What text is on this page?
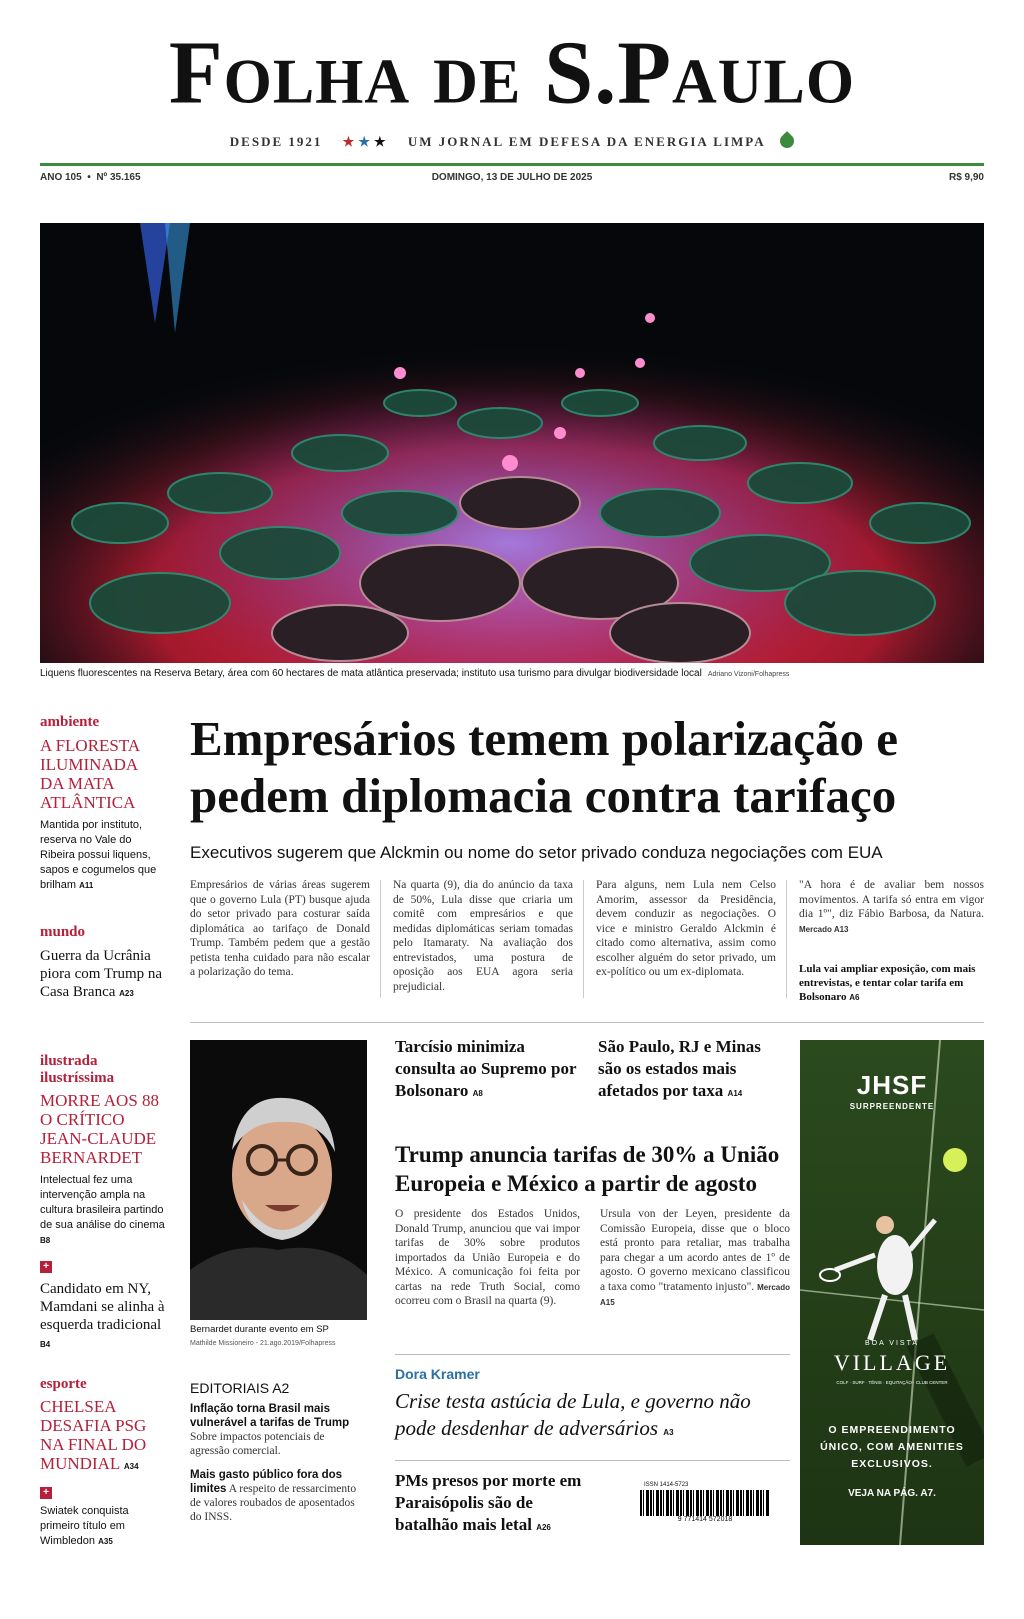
Folha de S.Paulo
DESDE 1921 ★ ★ ★ UM JORNAL EM DEFESA DA ENERGIA LIMPA
ANO 105  •  Nº 35.165	DOMINGO, 13 DE JULHO DE 2025	R$ 9,90
Liquens fluorescentes na Reserva Betary, área com 60 hectares de mata atlântica preservada; instituto usa turismo para divulgar biodiversidade local Adriano Vizoni/Folhapress
ambiente
A FLORESTA ILUMINADA DA MATA ATLÂNTICA
Mantida por instituto, reserva no Vale do Ribeira possui liquens, sapos e cogumelos que brilham A11
mundo
Guerra da Ucrânia piora com Trump na Casa Branca A23
ilustrada ilustríssima
MORRE AOS 88 O CRÍTICO JEAN-CLAUDE BERNARDET
Intelectual fez uma intervenção ampla na cultura brasileira partindo de sua análise do cinema B8
+
Candidato em NY, Mamdani se alinha à esquerda tradicional B4
esporte
CHELSEA DESAFIA PSG NA FINAL DO MUNDIAL A34
+
Swiatek conquista primeiro título em Wimbledon A35
Empresários temem polarização e pedem diplomacia contra tarifaço
Executivos sugerem que Alckmin ou nome do setor privado conduza negociações com EUA
Empresários de várias áreas sugerem que o governo Lula (PT) busque ajuda do setor privado para costurar saída diplomática ao tarifaço de Donald Trump. Também pedem que a gestão petista tenha cuidado para não escalar a polarização do tema.
Na quarta (9), dia do anúncio da taxa de 50%, Lula disse que criaria um comitê com empresários e que medidas diplomáticas seriam tomadas pelo Itamaraty. Na avaliação dos entrevistados, uma postura de oposição aos EUA agora seria prejudicial.
Para alguns, nem Lula nem Celso Amorim, assessor da Presidência, devem conduzir as negociações. O vice e ministro Geraldo Alckmin é citado como alternativa, assim como escolher alguém do setor privado, um ex-político ou um ex-diplomata.
"A hora é de avaliar bem nossos movimentos. A tarifa só entra em vigor dia 1º", diz Fábio Barbosa, da Natura. Mercado A13
Lula vai ampliar exposição, com mais entrevistas, e tentar colar tarifa em Bolsonaro A6
Bernardet durante evento em SP
Mathilde Missioneiro - 21.ago.2019/Folhapress
Tarcísio minimiza consulta ao Supremo por Bolsonaro A8
São Paulo, RJ e Minas são os estados mais afetados por taxa A14
Trump anuncia tarifas de 30% a União Europeia e México a partir de agosto
O presidente dos Estados Unidos, Donald Trump, anunciou que vai impor tarifas de 30% sobre produtos importados da União Europeia e do México. A comunicação foi feita por cartas na rede Truth Social, como ocorreu com o Brasil na quarta (9).
Ursula von der Leyen, presidente da Comissão Europeia, disse que o bloco está pronto para retaliar, mas trabalha para chegar a um acordo antes de 1º de agosto. O governo mexicano classificou a taxa como "tratamento injusto". Mercado A15
EDITORIAIS A2
Inflação torna Brasil mais vulnerável a tarifas de Trump Sobre impactos potenciais de agressão comercial.
Mais gasto público fora dos limites A respeito de ressarcimento de valores roubados de aposentados do INSS.
Dora Kramer
Crise testa astúcia de Lula, e governo não pode desdenhar de adversários A3
PMs presos por morte em Paraisópolis são de batalhão mais letal A26
ISSN 1414-5723
9 771414 572018
JHSF
SURPREENDENTE
BOA VISTA
VILLAGE
COLF · SURF · TÊNIS · EQUITAÇÃO · CLUB CENTER
O EMPREENDIMENTO ÚNICO, COM AMENITIES EXCLUSIVOS.
VEJA NA PÁG. A7.
